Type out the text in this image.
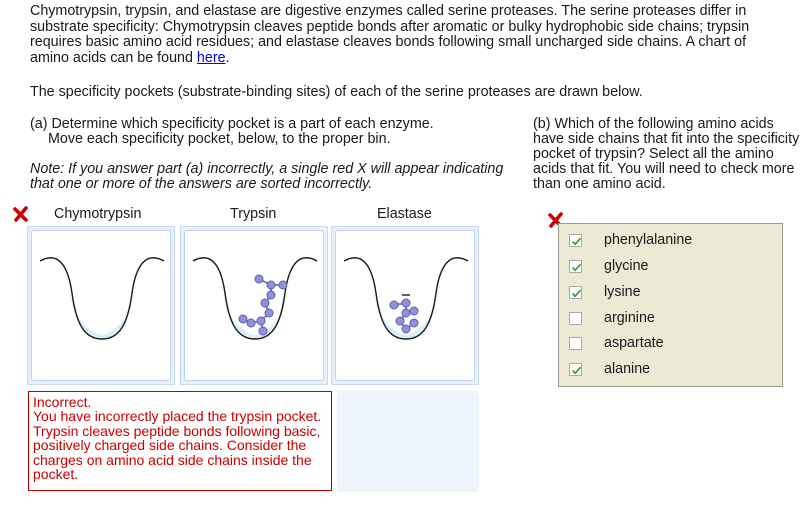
Chymotrypsin, trypsin, and elastase are digestive enzymes called serine proteases. The serine proteases differ in substrate specificity: Chymotrypsin cleaves peptide bonds after aromatic or bulky hydrophobic side chains; trypsin requires basic amino acid residues; and elastase cleaves bonds following small uncharged side chains. A chart of amino acids can be found here.

The specificity pockets (substrate-binding sites) of each of the serine proteases are drawn below.

(a) Determine which specificity pocket is a part of each enzyme.
Move each specificity pocket, below, to the proper bin.

Note: If you answer part (a) incorrectly, a single red X will appear indicating that one or more of the answers are sorted incorrectly.

(b) Which of the following amino acids have side chains that fit into the specificity pocket of trypsin? Select all the amino acids that fit. You will need to check more than one amino acid.

Chymotrypsin	Trypsin	Elastase
phenylalanine
glycine
lysine
arginine
aspartate
alanine

Incorrect.

You have incorrectly placed the trypsin pocket. Trypsin cleaves peptide bonds following basic, positively charged side chains. Consider the charges on amino acid side chains inside the pocket.
